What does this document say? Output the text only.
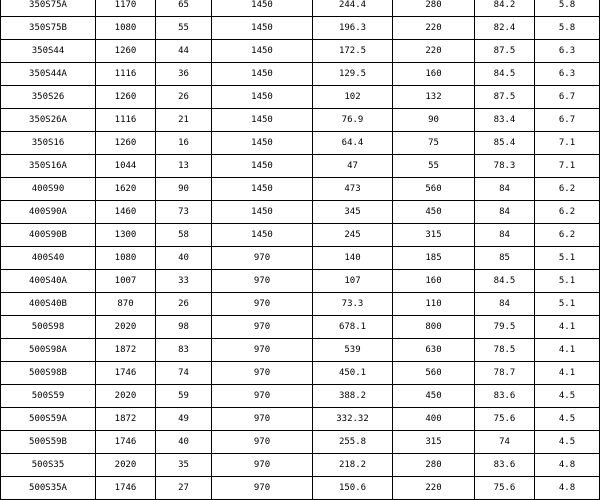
350S75A	1170	65	1450	244.4	280	84.2	5.8
350S75B	1080	55	1450	196.3	220	82.4	5.8
350S44	1260	44	1450	172.5	220	87.5	6.3
350S44A	1116	36	1450	129.5	160	84.5	6.3
350S26	1260	26	1450	102	132	87.5	6.7
350S26A	1116	21	1450	76.9	90	83.4	6.7
350S16	1260	16	1450	64.4	75	85.4	7.1
350S16A	1044	13	1450	47	55	78.3	7.1
400S90	1620	90	1450	473	560	84	6.2
400S90A	1460	73	1450	345	450	84	6.2
400S90B	1300	58	1450	245	315	84	6.2
400S40	1080	40	970	140	185	85	5.1
400S40A	1007	33	970	107	160	84.5	5.1
400S40B	870	26	970	73.3	110	84	5.1
500S98	2020	98	970	678.1	800	79.5	4.1
500S98A	1872	83	970	539	630	78.5	4.1
500S98B	1746	74	970	450.1	560	78.7	4.1
500S59	2020	59	970	388.2	450	83.6	4.5
500S59A	1872	49	970	332.32	400	75.6	4.5
500S59B	1746	40	970	255.8	315	74	4.5
500S35	2020	35	970	218.2	280	83.6	4.8
500S35A	1746	27	970	150.6	220	75.6	4.8
